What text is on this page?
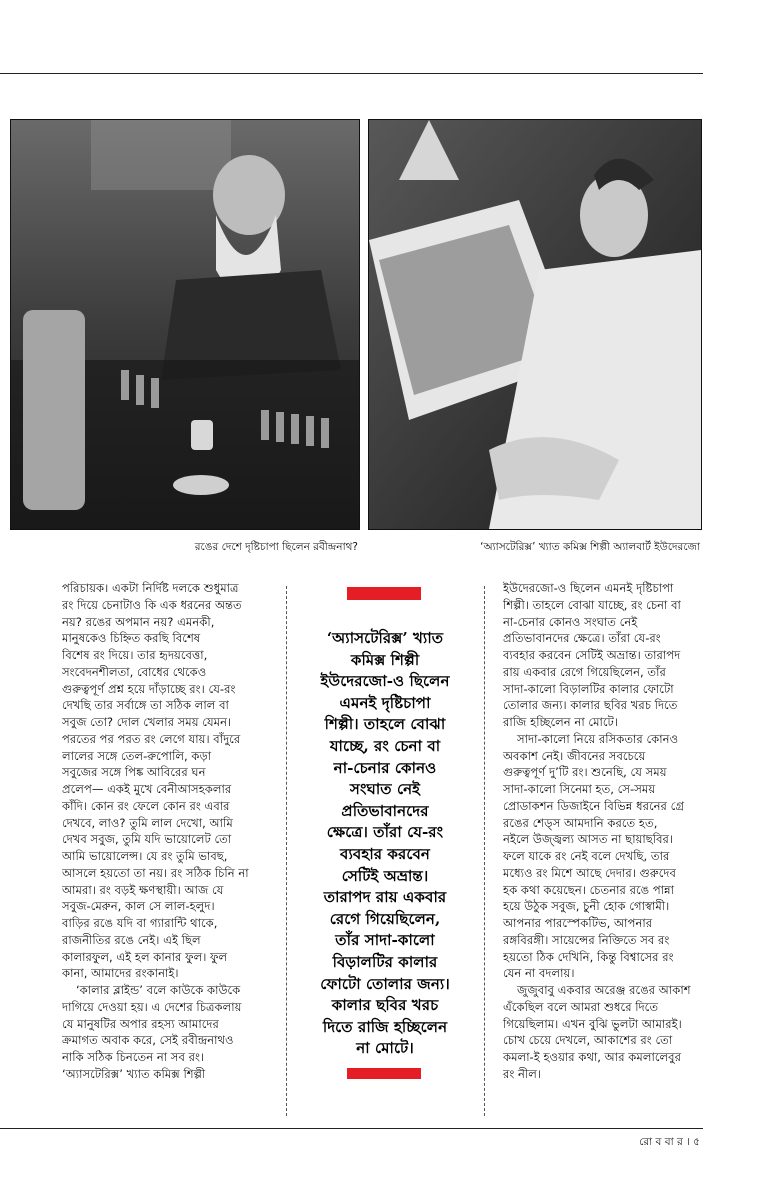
রঙের দেশে দৃষ্টিচাপা ছিলেন রবীন্দ্রনাথ?	‘অ্যাসটেরিক্স’ খ্যাত কমিক্স শিল্পী অ্যালবার্ট ইউদেরজো

পরিচায়ক। একটা নির্দিষ্ট দলকে শুধুমাত্র
রং দিয়ে চেনাটাও কি এক ধরনের অন্তত
নয়? রঙের অপমান নয়? এমনকী,
মানুষকেও চিহ্নিত করছি বিশেষ
বিশেষ রং দিয়ে। তার হৃদয়বেত্তা,
সংবেদনশীলতা, বোধের থেকেও
গুরুত্বপূর্ণ প্রশ্ন হয়ে দাঁড়াচ্ছে রং। যে-রং
দেখছি তার সর্বাঙ্গে তা সঠিক লাল বা
সবুজ তো? দোল খেলার সময় যেমন।
পরতের পর পরত রং লেগে যায়। বাঁদুরে
লালের সঙ্গে তেল-রুপোলি, কড়া
সবুজের সঙ্গে পিঙ্ক আবিরের ঘন
প্রলেপ— একই মুখে বেনীআসহকলার
কাঁদি। কোন রং ফেলে কোন রং এবার
দেখবে, লাও? তুমি লাল দেখো, আমি
দেখব সবুজ, তুমি যদি ভায়োলেট তো
আমি ভায়োলেন্স। যে রং তুমি ভাবছ,
আসলে হয়তো তা নয়। রং সঠিক চিনি না
আমরা। রং বড়ই ক্ষণস্থায়ী। আজ যে
সবুজ-মেরুন, কাল সে লাল-হলুদ।
বাড়ির রঙে যদি বা গ্যারান্টি থাকে,
রাজনীতির রঙে নেই। এই ছিল
কালারফুল, এই হল কানার ফুল। ফুল
কানা, আমাদের রংকানাই।

‘কালার ব্লাইন্ড’ বলে কাউকে কাউকে
দাগিয়ে দেওয়া হয়। এ দেশের চিত্রকলায়
যে মানুষটির অপার রহস্য আমাদের
ক্রমাগত অবাক করে, সেই রবীন্দ্রনাথও
নাকি সঠিক চিনতেন না সব রং।
‘অ্যাসটেরিক্স’ খ্যাত কমিক্স শিল্পী

‘অ্যাসটেরিক্স’ খ্যাত
কমিক্স শিল্পী
ইউদেরজো-ও ছিলেন
এমনই দৃষ্টিচাপা
শিল্পী। তাহলে বোঝা
যাচ্ছে, রং চেনা বা
না-চেনার কোনও
সংঘাত নেই
প্রতিভাবানদের
ক্ষেত্রে। তাঁরা যে-রং
ব্যবহার করবেন
সেটিই অভ্রান্ত।
তারাপদ রায় একবার
রেগে গিয়েছিলেন,
তাঁর সাদা-কালো
বিড়ালটির কালার
ফোটো তোলার জন্য।
কালার ছবির খরচ
দিতে রাজি হচ্ছিলেন
না মোটে।

ইউদেরজো-ও ছিলেন এমনই দৃষ্টিচাপা
শিল্পী। তাহলে বোঝা যাচ্ছে, রং চেনা বা
না-চেনার কোনও সংঘাত নেই
প্রতিভাবানদের ক্ষেত্রে। তাঁরা যে-রং
ব্যবহার করবেন সেটিই অভ্রান্ত। তারাপদ
রায় একবার রেগে গিয়েছিলেন, তাঁর
সাদা-কালো বিড়ালটির কালার ফোটো
তোলার জন্য। কালার ছবির খরচ দিতে
রাজি হচ্ছিলেন না মোটে।

সাদা-কালো নিয়ে রসিকতার কোনও
অবকাশ নেই। জীবনের সবচেয়ে
গুরুত্বপূর্ণ দু’টি রং। শুনেছি, যে সময়
সাদা-কালো সিনেমা হত, সে-সময়
প্রোডাকশন ডিজাইনে বিভিন্ন ধরনের গ্রে
রঙের শেড্স আমদানি করতে হত,
নইলে উজ্জ্বল্য আসত না ছায়াছবির।
ফলে যাকে রং নেই বলে দেখছি, তার
মধ্যেও রং মিশে আছে দেদার। গুরুদেব
হক কথা কয়েছেন। চেতনার রঙে পান্না
হয়ে উঠুক সবুজ, চুনী হোক গোস্বামী।
আপনার পারস্পেকটিভ, আপনার
রঙ্গবিরঙ্গী। সায়েন্সের নিক্তিতে সব রং
হয়তো ঠিক দেখিনি, কিন্তু বিশ্বাসের রং
যেন না বদলায়।

জুজুবাবু একবার অরেঞ্জ রঙের আকাশ
এঁকেছিল বলে আমরা শুধরে দিতে
গিয়েছিলাম। এখন বুঝি ভুলটা আমারই।
চোখ চেয়ে দেখলে, আকাশের রং তো
কমলা-ই হওয়ার কথা, আর কমলালেবুর
রং নীল।

রো ব বা র । ৫
